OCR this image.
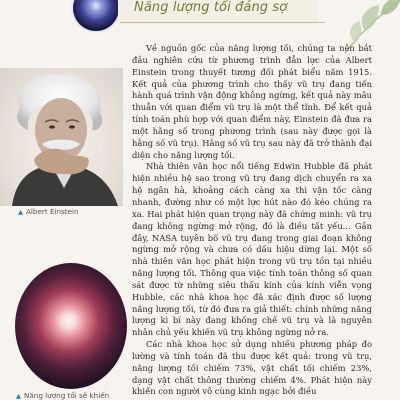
Năng lượng tối đáng sợ
▲ Albert Einstein
▲ Năng lượng tối sẽ khiến

Về nguồn gốc của năng lượng tối, chúng ta nên bắt đầu nghiên cứu từ phương trình đẳn lực của Albert Einstein trong thuyết tương đối phát biểu năm 1915. Kết quả của phương trình cho thấy vũ trụ đang tiến hành quá trình vận động không ngừng, kết quả này mâu thuẫn với quan điểm vũ trụ là một thể tĩnh. Để kết quả tính toán phù hợp với quan điểm này, Einstein đã đưa ra một hằng số trong phương trình (sau này được gọi là hằng số vũ trụ). Hằng số vũ trụ sau này đã trở thành đại diện cho năng lượng tối.

Nhà thiên văn học nổi tiếng Edwin Hubble đã phát hiện nhiều hệ sao trong vũ trụ đang dịch chuyển ra xa hệ ngân hà, khoảng cách càng xa thì vận tốc càng nhanh, đường như có một lực hút nào đó kéo chúng ra xa. Hai phát hiện quan trọng này đã chứng minh: vũ trụ đang không ngừng mở rộng, đó là điều tất yếu... Gần đây, NASA tuyên bố vũ trụ đang trong giai đoạn không ngừng mở rộng và chưa có dấu hiệu dừng lại. Một số nhà thiên văn học phát hiện trong vũ trụ tồn tại nhiều năng lượng tối. Thông qua việc tính toán thông số quan sát được từ những siêu thấu kính của kính viễn vọng Hubble, các nhà khoa học đã xác định được số lượng năng lượng tối, từ đó đưa ra giả thiết: chính những năng lượng kì bí này đang khống chế vũ trụ và là nguyên nhân chủ yếu khiến vũ trụ không ngừng nở ra.

Các nhà khoa học sử dụng nhiều phương pháp đo lường và tính toán đã thu được kết quả: trong vũ trụ, năng lượng tối chiếm 73%, vật chất tối chiếm 23%, dạng vật chất thông thường chiếm 4%. Phát hiện này khiến con người vô cùng kinh ngạc bởi điều
